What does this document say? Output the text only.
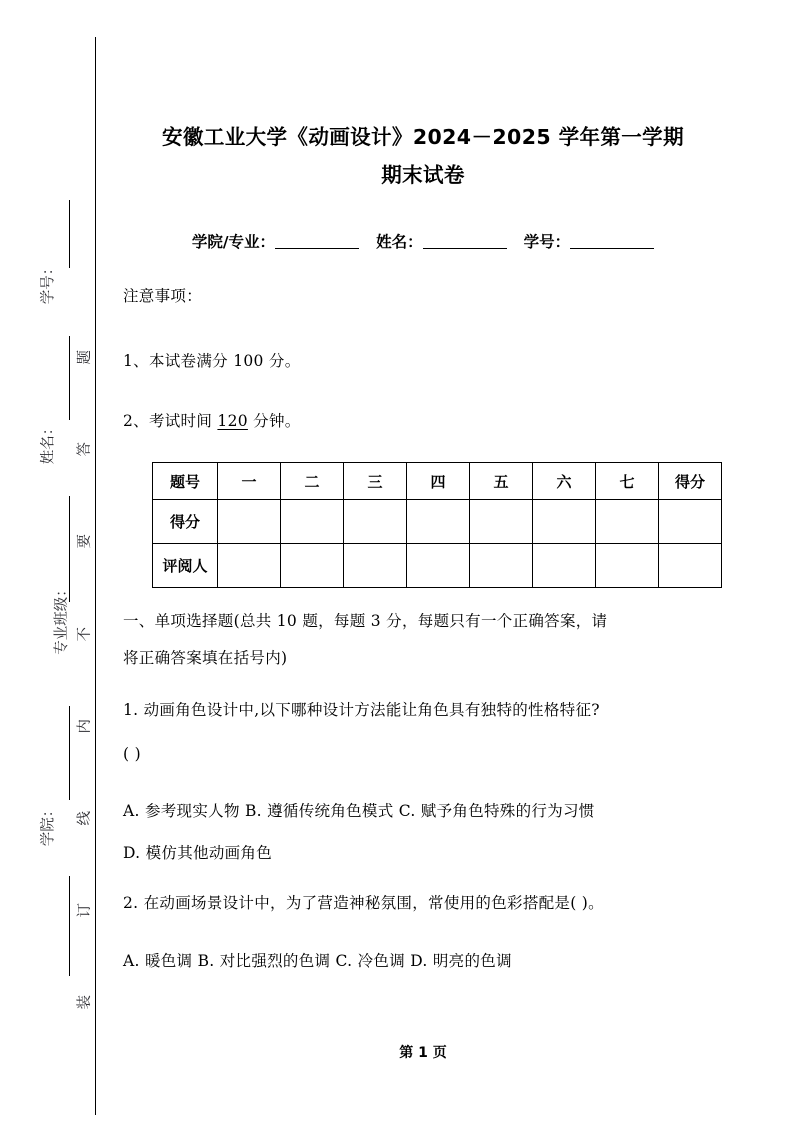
题
答
要
不
内
线
订
装
学号：
姓名：
专业班级：
学院：
安徽工业大学《动画设计》2024－2025 学年第一学期
期末试卷
学院/专业：	姓名：	学号：
注意事项：
1、本试卷满分 100 分。
2、考试时间 120 分钟。
题号	一	二	三	四	五	六	七	得分
得分								
评阅人								
一、单项选择题(总共 10 题，每题 3 分，每题只有一个正确答案，请
将正确答案填在括号内)
1. 动画角色设计中,以下哪种设计方法能让角色具有独特的性格特征?
( )
A. 参考现实人物 B. 遵循传统角色模式 C. 赋予角色特殊的行为习惯
D. 模仿其他动画角色
2. 在动画场景设计中，为了营造神秘氛围，常使用的色彩搭配是( )。
A. 暖色调 B. 对比强烈的色调 C. 冷色调 D. 明亮的色调
第 1 页
